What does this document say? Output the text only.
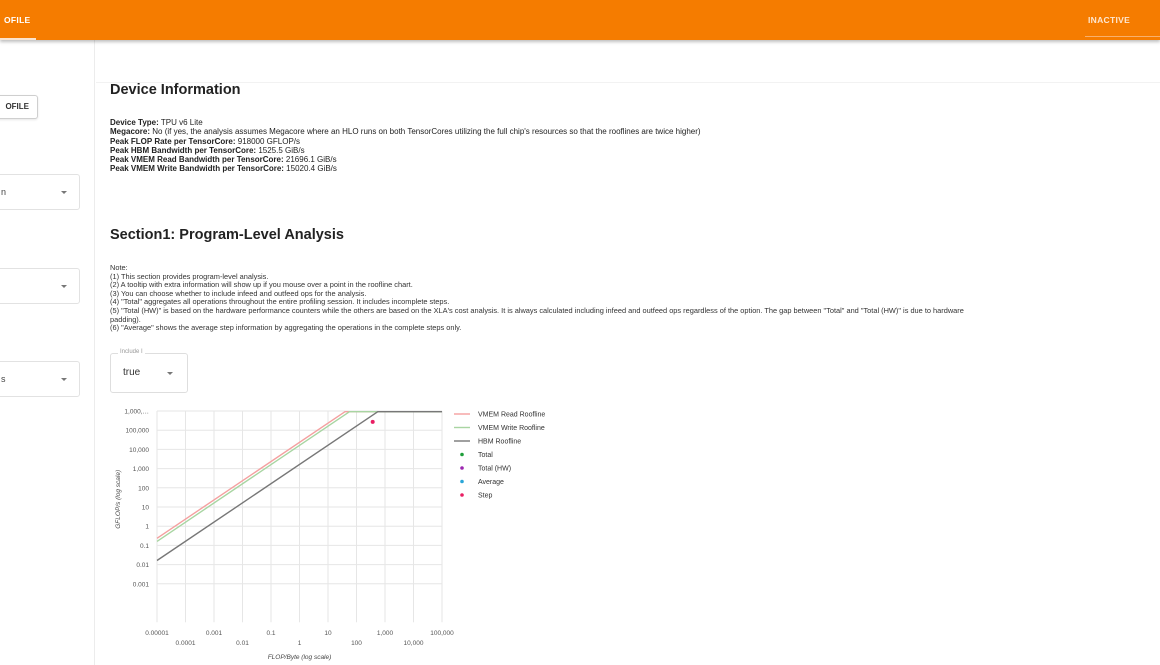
OFILE	INACTIVE
OFILE
n
s
Device Information
Device Type: TPU v6 Lite
Megacore: No (if yes, the analysis assumes Megacore where an HLO runs on both TensorCores utilizing the full chip's resources so that the rooflines are twice higher)
Peak FLOP Rate per TensorCore: 918000 GFLOP/s
Peak HBM Bandwidth per TensorCore: 1525.5 GiB/s
Peak VMEM Read Bandwidth per TensorCore: 21696.1 GiB/s
Peak VMEM Write Bandwidth per TensorCore: 15020.4 GiB/s
Section1: Program-Level Analysis
Note:
(1) This section provides program-level analysis.
(2) A tooltip with extra information will show up if you mouse over a point in the roofline chart.
(3) You can choose whether to include infeed and outfeed ops for the analysis.
(4) "Total" aggregates all operations throughout the entire profiling session. It includes incomplete steps.
(5) "Total (HW)" is based on the hardware performance counters while the others are based on the XLA's cost analysis. It is always calculated including infeed and outfeed ops regardless of the option. The gap between "Total" and "Total (HW)" is due to hardware
padding).
(6) "Average" shows the average step information by aggregating the operations in the complete steps only.
Include I
true
1,000,…
100,000
10,000
1,000
100
10
1
0.1
0.01
0.001
0.00001
0.0001
0.001
0.01
0.1
1
10
100
1,000
10,000
100,000
FLOP/Byte (log scale)
GFLOP/s (log scale)
VMEM Read Roofline
VMEM Write Roofline
HBM Roofline
Total
Total (HW)
Average
Step
